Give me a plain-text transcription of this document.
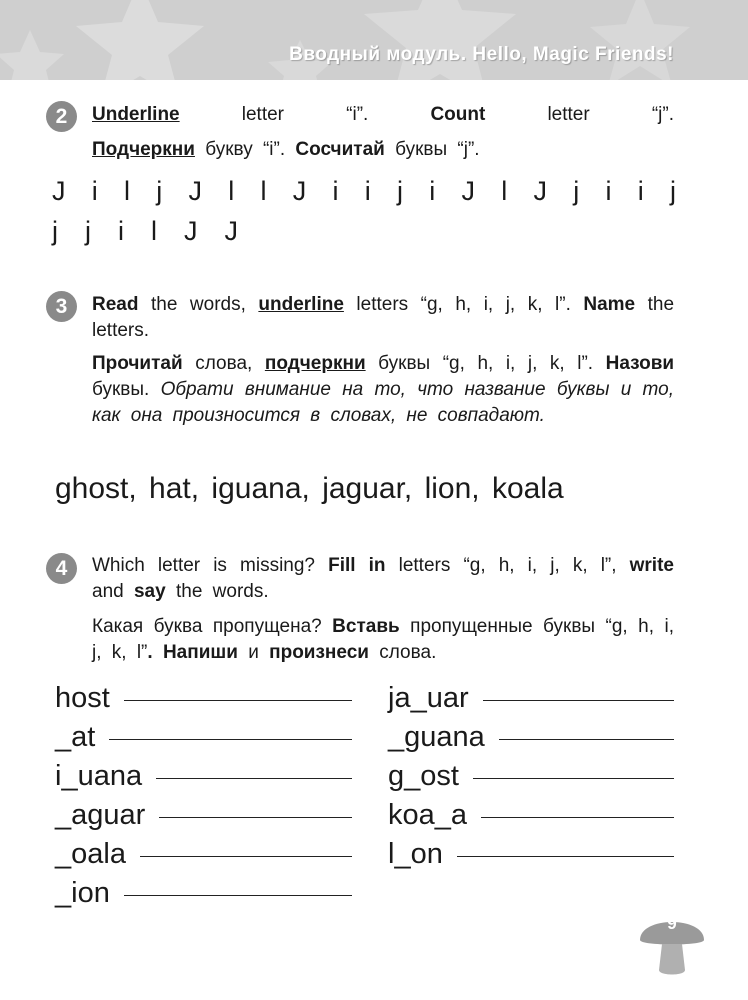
Вводный модуль. Hello, Magic Friends!
2	Underline	letter “i”.	Count	letter “j”.
Подчеркни букву “i”. Сосчитай буквы “j”.
J i l j J l l J i i j i J l J j i i j
j j i l J J
3	Read the words, underline letters “g, h, i, j, k, l”. Name the letters.
Прочитай слова, подчеркни буквы “g, h, i, j, k, l”. Назови буквы. Обрати внимание на то, что название буквы и то, как она произносится в словах, не совпадают.
ghost, hat, iguana, jaguar, lion, koala
4	Which letter is missing? Fill in letters “g, h, i, j, k, l”, write and say the words.
Какая буква пропущена? Вставь пропущенные буквы “g, h, i, j, k, l”. Напиши и произнеси слова.
host
_at
i_uana
_aguar
_oala
_ion
ja_uar
_guana
g_ost
koa_a
l_on
9
